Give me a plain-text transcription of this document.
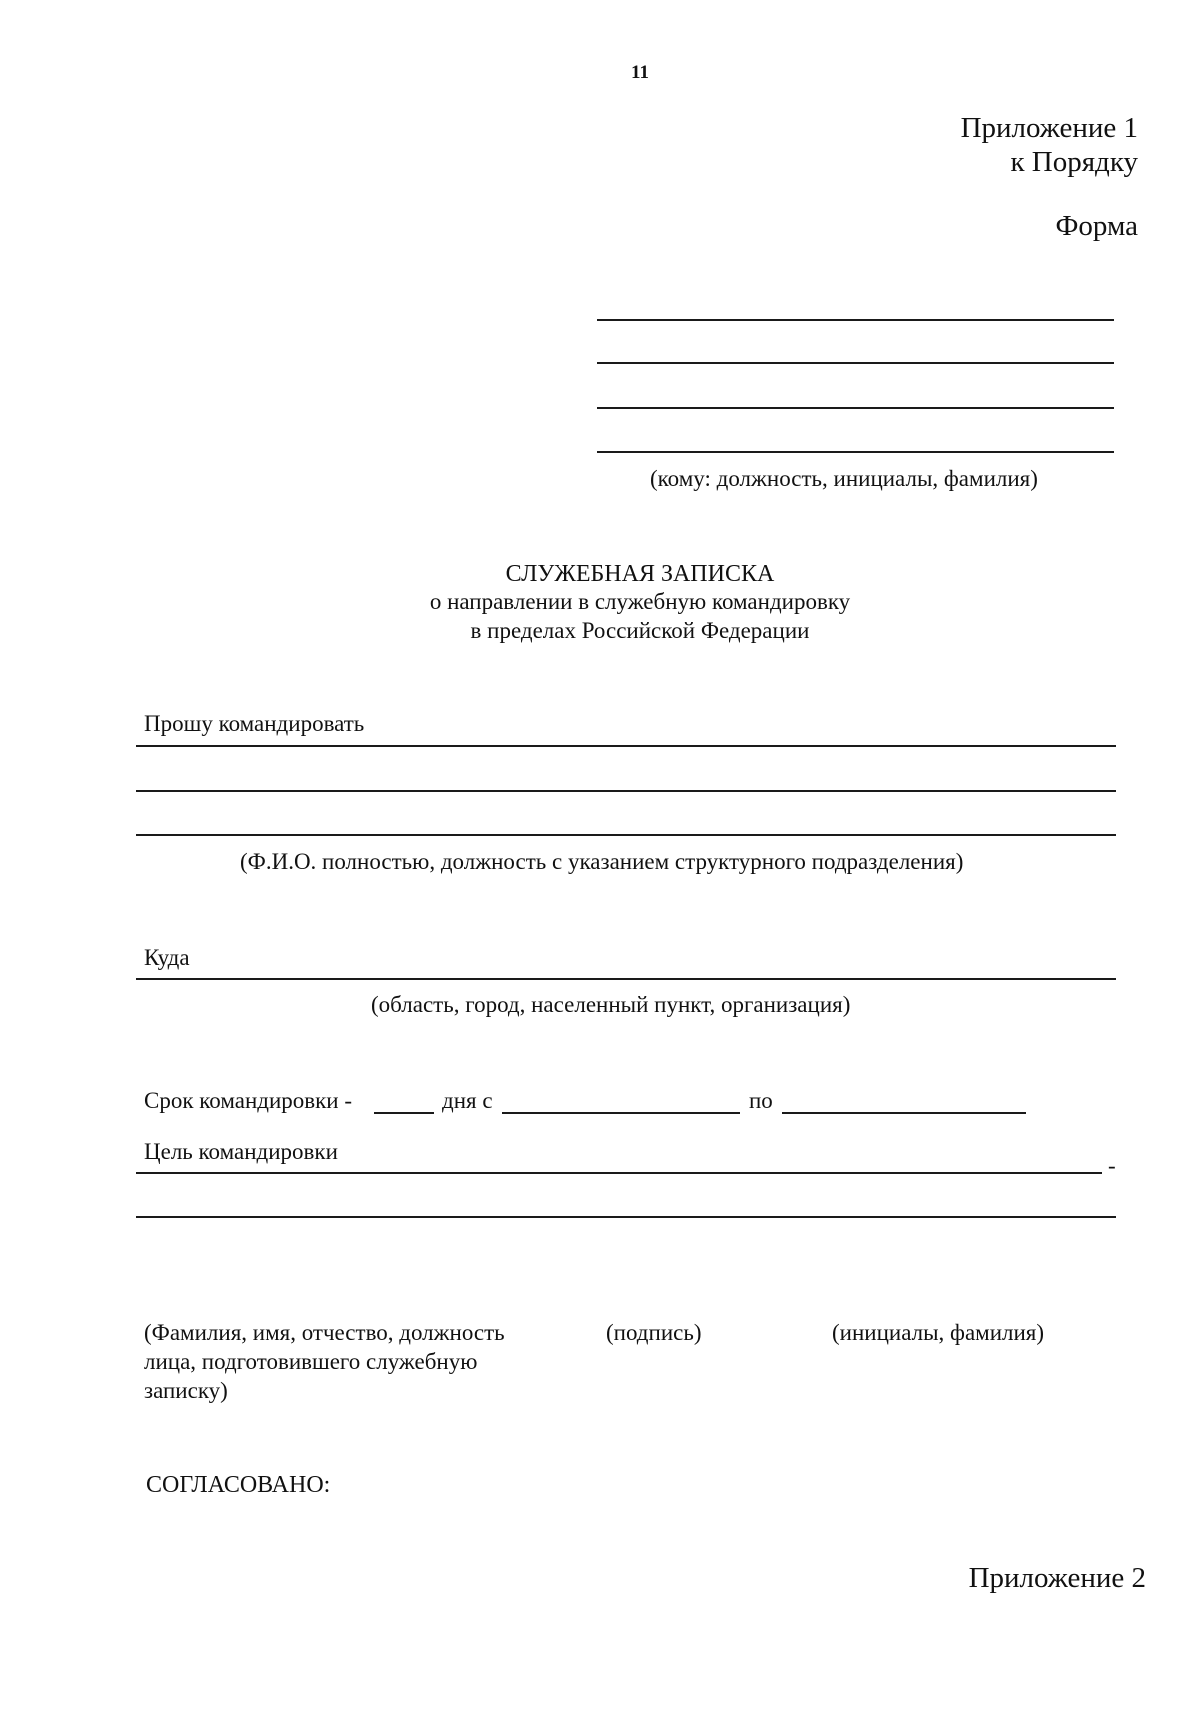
11
Приложение 1
к Порядку
Форма
(кому: должность, инициалы, фамилия)
СЛУЖЕБНАЯ ЗАПИСКА
о направлении в служебную командировку
в пределах Российской Федерации
Прошу командировать
(Ф.И.О. полностью, должность с указанием структурного подразделения)
Куда
(область, город, населенный пункт, организация)
Срок командировки -	дня с	по
Цель командировки
-
(Фамилия, имя, отчество, должность
лица, подготовившего служебную
записку)
(подпись)	(инициалы, фамилия)
СОГЛАСОВАНО:
Приложение 2
